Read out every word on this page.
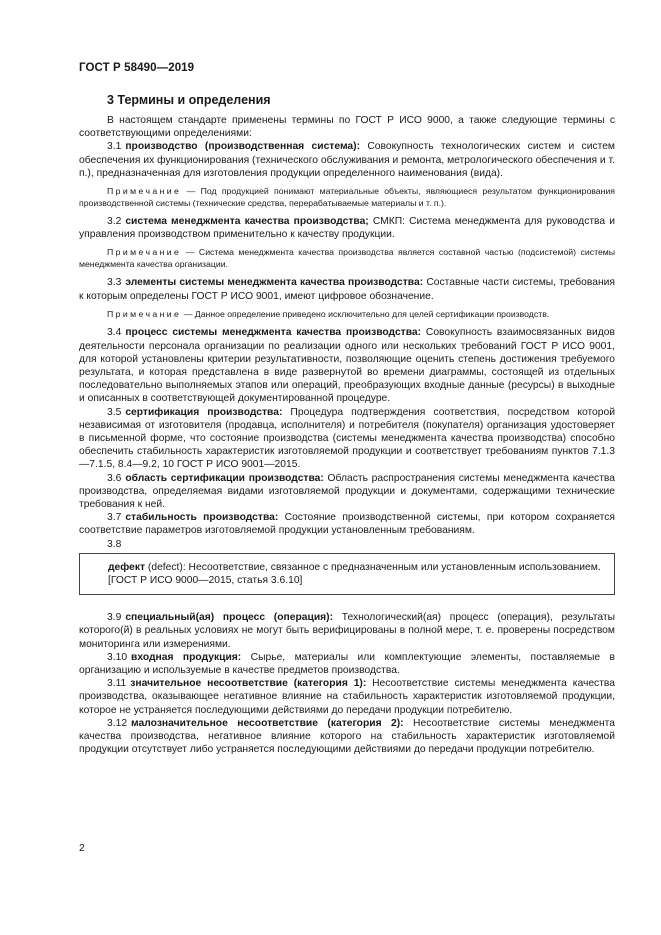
ГОСТ Р 58490—2019
3 Термины и определения

В настоящем стандарте применены термины по ГОСТ Р ИСО 9000, а также следующие термины с соответствующими определениями:

3.1 производство (производственная система): Совокупность технологических систем и систем обеспечения их функционирования (технического обслуживания и ремонта, метрологического обеспечения и т. п.), предназначенная для изготовления продукции определенного наименования (вида).

Примечание — Под продукцией понимают материальные объекты, являющиеся результатом функционирования производственной системы (технические средства, перерабатываемые материалы и т. п.).

3.2 система менеджмента качества производства; СМКП: Система менеджмента для руководства и управления производством применительно к качеству продукции.

Примечание — Система менеджмента качества производства является составной частью (подсистемой) системы менеджмента качества организации.

3.3 элементы системы менеджмента качества производства: Составные части системы, требования к которым определены ГОСТ Р ИСО 9001, имеют цифровое обозначение.

Примечание — Данное определение приведено исключительно для целей сертификации производств.

3.4 процесс системы менеджмента качества производства: Совокупность взаимосвязанных видов деятельности персонала организации по реализации одного или нескольких требований ГОСТ Р ИСО 9001, для которой установлены критерии результативности, позволяющие оценить степень достижения требуемого результата, и которая представлена в виде развернутой во времени диаграммы, состоящей из отдельных последовательно выполняемых этапов или операций, преобразующих входные данные (ресурсы) в выходные и описанных в соответствующей документированной процедуре.

3.5 сертификация производства: Процедура подтверждения соответствия, посредством которой независимая от изготовителя (продавца, исполнителя) и потребителя (покупателя) организация удостоверяет в письменной форме, что состояние производства (системы менеджмента качества производства) способно обеспечить стабильность характеристик изготовляемой продукции и соответствует требованиям пунктов 7.1.3—7.1.5, 8.4—9.2, 10 ГОСТ Р ИСО 9001—2015.

3.6 область сертификации производства: Область распространения системы менеджмента качества производства, определяемая видами изготовляемой продукции и документами, содержащими технические требования к ней.

3.7 стабильность производства: Состояние производственной системы, при котором сохраняется соответствие параметров изготовляемой продукции установленным требованиям.

3.8

дефект (defect): Несоответствие, связанное с предназначенным или установленным использованием.

[ГОСТ Р ИСО 9000—2015, статья 3.6.10]

3.9 специальный(ая) процесс (операция): Технологический(ая) процесс (операция), результаты которого(й) в реальных условиях не могут быть верифицированы в полной мере, т. е. проверены посредством мониторинга или измерениями.

3.10 входная продукция: Сырье, материалы или комплектующие элементы, поставляемые в организацию и используемые в качестве предметов производства.

3.11 значительное несоответствие (категория 1): Несоответствие системы менеджмента качества производства, оказывающее негативное влияние на стабильность характеристик изготовляемой продукции, которое не устраняется последующими действиями до передачи продукции потребителю.

3.12 малозначительное несоответствие (категория 2): Несоответствие системы менеджмента качества производства, негативное влияние которого на стабильность характеристик изготовляемой продукции отсутствует либо устраняется последующими действиями до передачи продукции потребителю.

2
